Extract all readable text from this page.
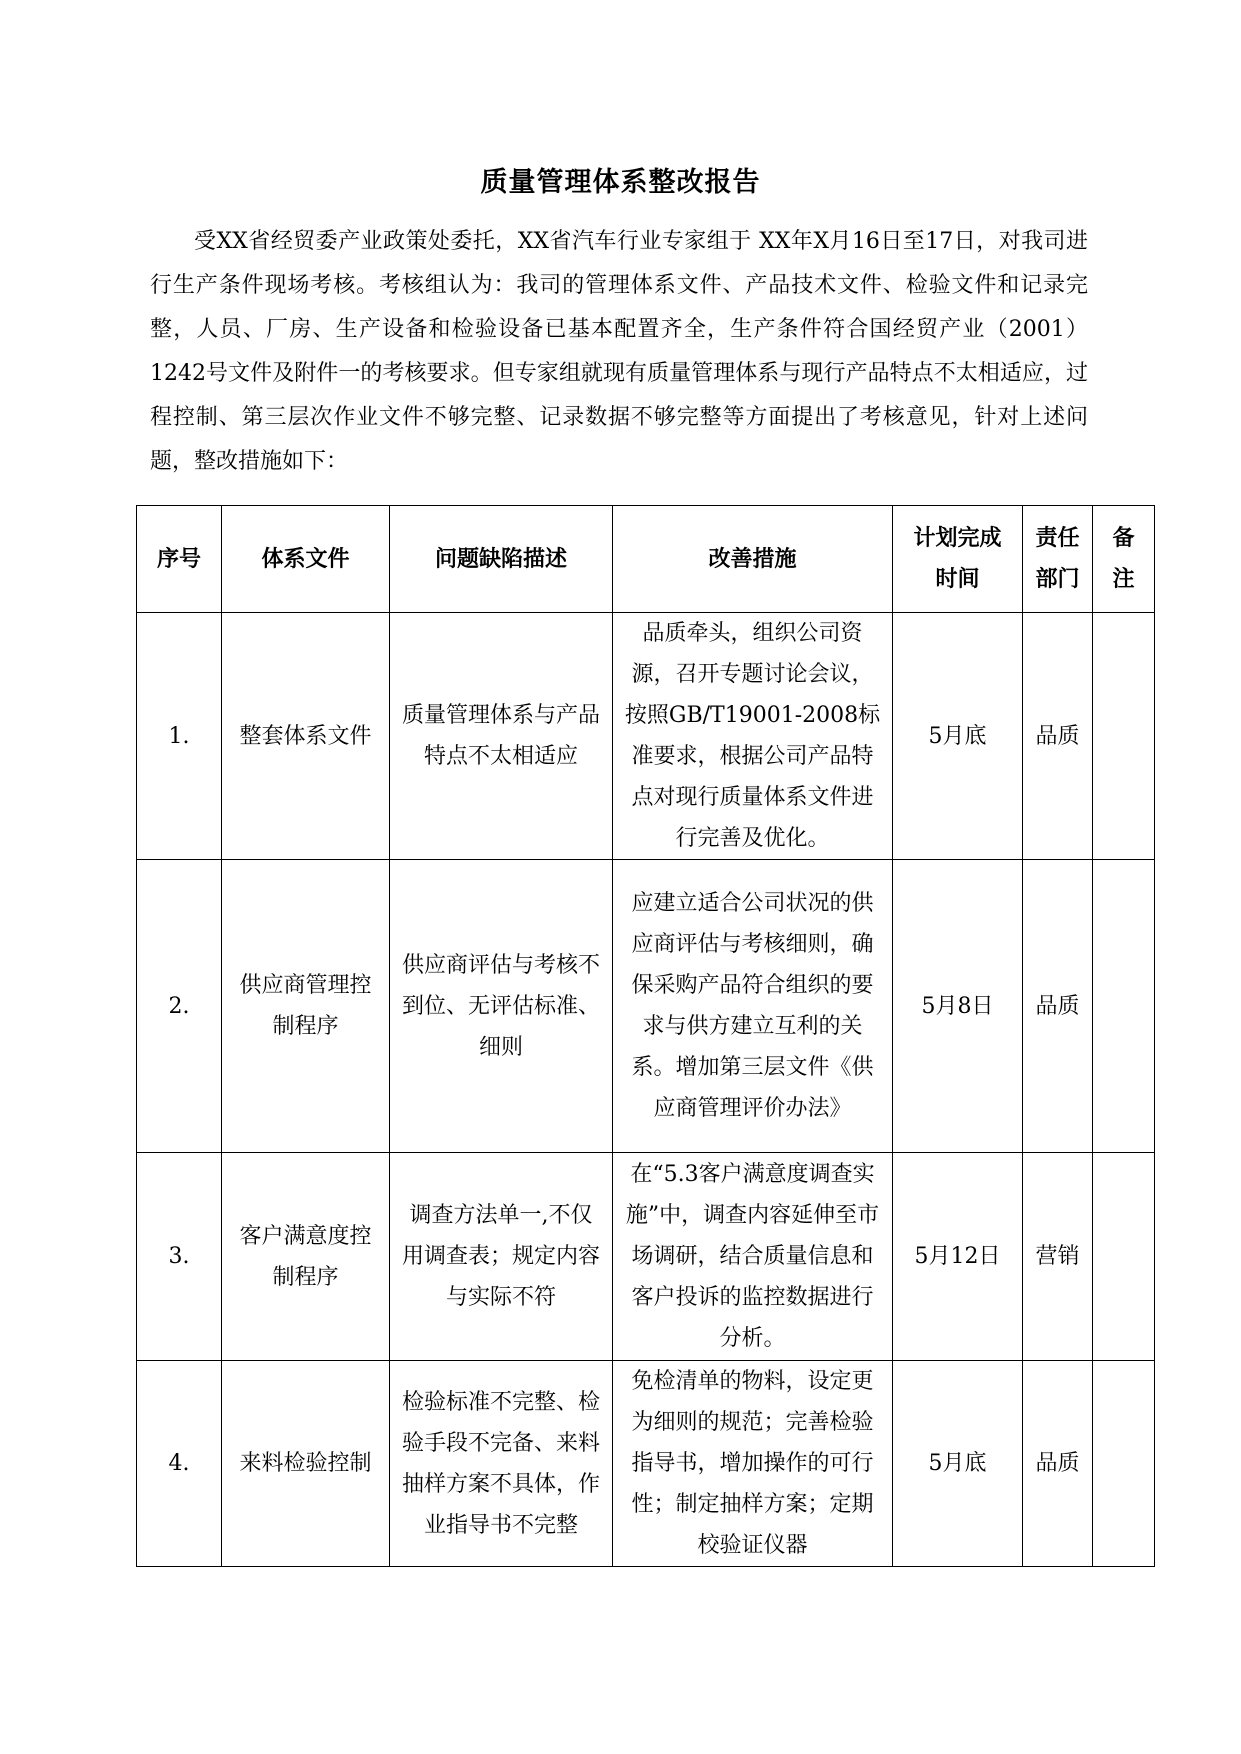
质量管理体系整改报告

受XX省经贸委产业政策处委托，XX省汽车行业专家组于 XX年X月16日至17日，对我司进行生产条件现场考核。考核组认为：我司的管理体系文件、产品技术文件、检验文件和记录完整，人员、厂房、生产设备和检验设备已基本配置齐全，生产条件符合国经贸产业（2001）1242号文件及附件一的考核要求。但专家组就现有质量管理体系与现行产品特点不太相适应，过程控制、第三层次作业文件不够完整、记录数据不够完整等方面提出了考核意见，针对上述问题，整改措施如下：

序号	体系文件	问题缺陷描述	改善措施	计划完成时间	责任部门	备注
1.	整套体系文件	质量管理体系与产品特点不太相适应	品质牵头，组织公司资源，召开专题讨论会议，按照GB/T19001-2008标准要求，根据公司产品特点对现行质量体系文件进行完善及优化。	5月底	品质	
2.	供应商管理控制程序	供应商评估与考核不到位、无评估标准、细则	应建立适合公司状况的供应商评估与考核细则，确保采购产品符合组织的要求与供方建立互利的关系。增加第三层文件《供应商管理评价办法》	5月8日	品质	
3.	客户满意度控制程序	调查方法单一,不仅用调查表；规定内容与实际不符	在“5.3客户满意度调查实施”中，调查内容延伸至市场调研，结合质量信息和客户投诉的监控数据进行分析。	5月12日	营销	
4.	来料检验控制	检验标准不完整、检验手段不完备、来料抽样方案不具体，作业指导书不完整	免检清单的物料，设定更为细则的规范；完善检验指导书，增加操作的可行性；制定抽样方案；定期校验证仪器	5月底	品质	
